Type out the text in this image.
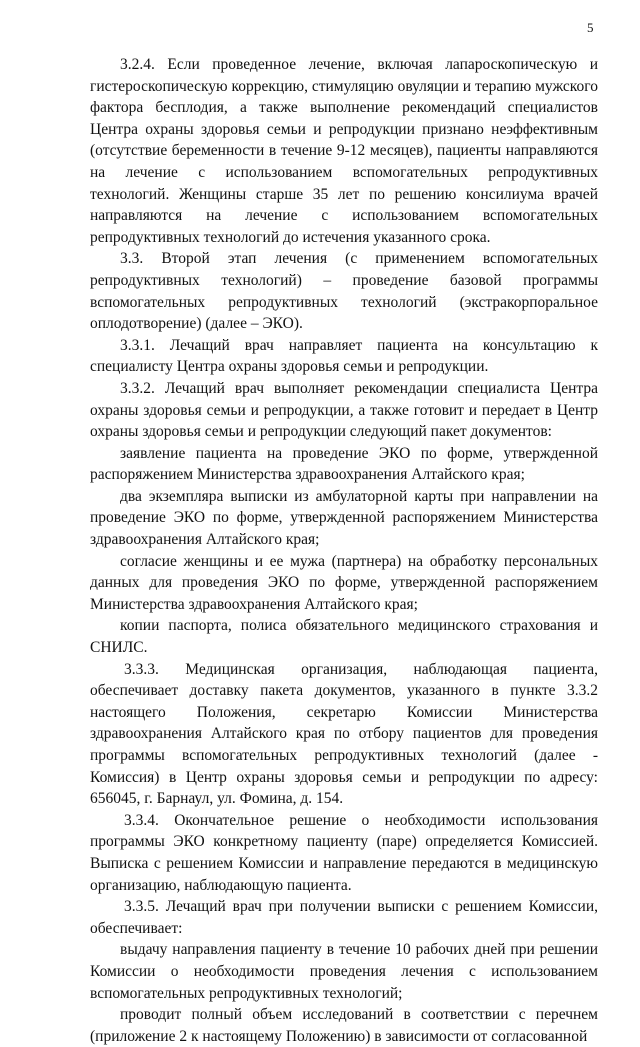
5

3.2.4. Если проведенное лечение, включая лапароскопическую и гистероскопическую коррекцию, стимуляцию овуляции и терапию мужского фактора бесплодия, а также выполнение рекомендаций специалистов Центра охраны здоровья семьи и репродукции признано неэффективным (отсутствие беременности в течение 9-12 месяцев), пациенты направляются на лечение с использованием вспомогательных репродуктивных технологий. Женщины старше 35 лет по решению консилиума врачей направляются на лечение с использованием вспомогательных репродуктивных технологий до истечения указанного срока.

3.3. Второй этап лечения (с применением вспомогательных репродуктивных технологий) – проведение базовой программы вспомогательных репродуктивных технологий (экстракорпоральное оплодотворение) (далее – ЭКО).

3.3.1. Лечащий врач направляет пациента на консультацию к специалисту Центра охраны здоровья семьи и репродукции.

3.3.2. Лечащий врач выполняет рекомендации специалиста Центра охраны здоровья семьи и репродукции, а также готовит и передает в Центр охраны здоровья семьи и репродукции следующий пакет документов:

заявление пациента на проведение ЭКО по форме, утвержденной распоряжением Министерства здравоохранения Алтайского края;

два экземпляра выписки из амбулаторной карты при направлении на проведение ЭКО по форме, утвержденной распоряжением Министерства здравоохранения Алтайского края;

согласие женщины и ее мужа (партнера) на обработку персональных данных для проведения ЭКО по форме, утвержденной распоряжением Министерства здравоохранения Алтайского края;

копии паспорта, полиса обязательного медицинского страхования и СНИЛС.

3.3.3. Медицинская организация, наблюдающая пациента, обеспечивает доставку пакета документов, указанного в пункте 3.3.2 настоящего Положения, секретарю Комиссии Министерства здравоохранения Алтайского края по отбору пациентов для проведения программы вспомогательных репродуктивных технологий (далее - Комиссия) в Центр охраны здоровья семьи и репродукции по адресу: 656045, г. Барнаул, ул. Фомина, д. 154.

3.3.4. Окончательное решение о необходимости использования программы ЭКО конкретному пациенту (паре) определяется Комиссией. Выписка с решением Комиссии и направление передаются в медицинскую организацию, наблюдающую пациента.

3.3.5. Лечащий врач при получении выписки с решением Комиссии, обеспечивает:

выдачу направления пациенту в течение 10 рабочих дней при решении Комиссии о необходимости проведения лечения с использованием вспомогательных репродуктивных технологий;

проводит полный объем исследований в соответствии с перечнем (приложение 2 к настоящему Положению) в зависимости от согласованной
